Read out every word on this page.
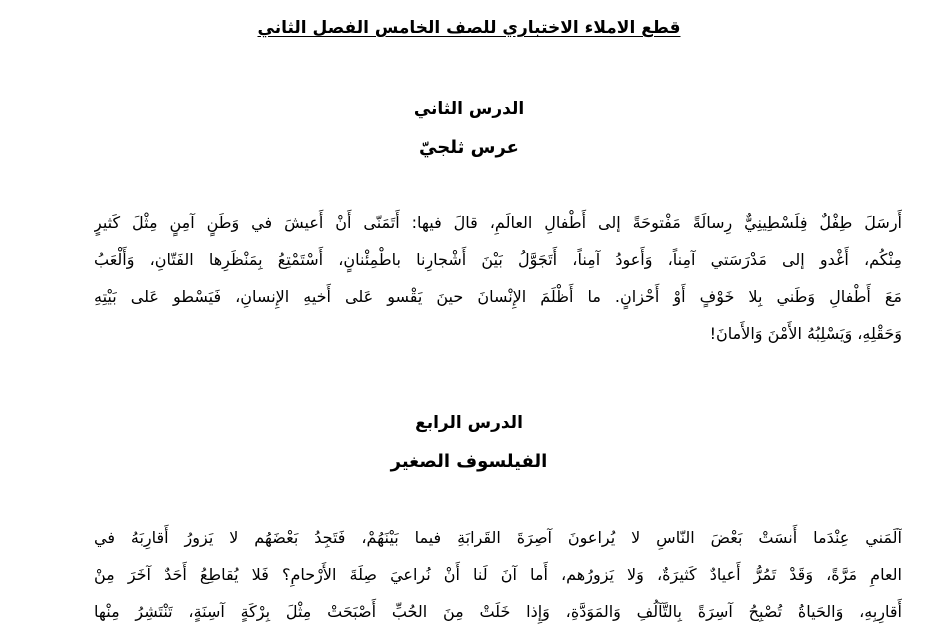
قطع الاملاء الاختباري للصف الخامس الفصل الثاني
الدرس الثاني
عرس ثلجيّ
أَرسَلَ طِفْلٌ فِلَسْطِينِيٌّ رِسالَةً مَفْتوحَةً إلى أَطْفالِ العالَمِ، قالَ فيها: أَتَمَنّى أَنْ أَعيشَ في وَطَنٍ آمِنٍ مِثْلَ كَثيرٍ
مِنْكُم، أَغْدو إلى مَدْرَسَتي آمِناً، وَأَعودُ آمِناً، أَتَجَوَّلُ بَيْنَ أَشْجارِنا باطْمِئْنانٍ، أَسْتَمْتِعُ بِمَنْظَرِها الفَتّانِ، وَأَلْعَبُ
مَعَ أَطْفالِ وَطَني بِلا خَوْفٍ أَوْ أَحْزانٍ. ما أَظْلَمَ الإِنْسانَ حينَ يَقْسو عَلى أَخيهِ الإِنسانِ، فَيَسْطو عَلى بَيْتِهِ
وَحَقْلِهِ، وَيَسْلِبُهُ الأَمْنَ وَالأَمانَ!
الدرس الرابع
الفيلسوف الصغير
آلَمَني عِنْدَما أَنسَتْ بَعْضَ النّاسِ لا يُراعونَ آصِرَةَ القَرابَةِ فيما بَيْنَهُمْ، فَتَجِدُ بَعْضَهُم لا يَزورُ أَقارِبَهُ في
العامِ مَرَّةً، وَقَدْ تَمُرُّ أَعيادٌ كَثيرَةٌ، وَلا يَزورُهم، أَما آنَ لَنا أَنْ نُراعيَ صِلَةَ الأَرْحامِ؟ فَلا يُقاطِعُ أَحَدٌ آخَرَ مِنْ
أَقارِبِهِ، وَالحَياةُ تُصْبِحُ آسِرَةً بِالتَّآلُفِ وَالمَوَدَّةِ، وَإِذا خَلَتْ مِنَ الحُبِّ أَصْبَحَتْ مِثْلَ بِرْكَةٍ آسِنَةٍ، تَنْتَشِرُ مِنْها
